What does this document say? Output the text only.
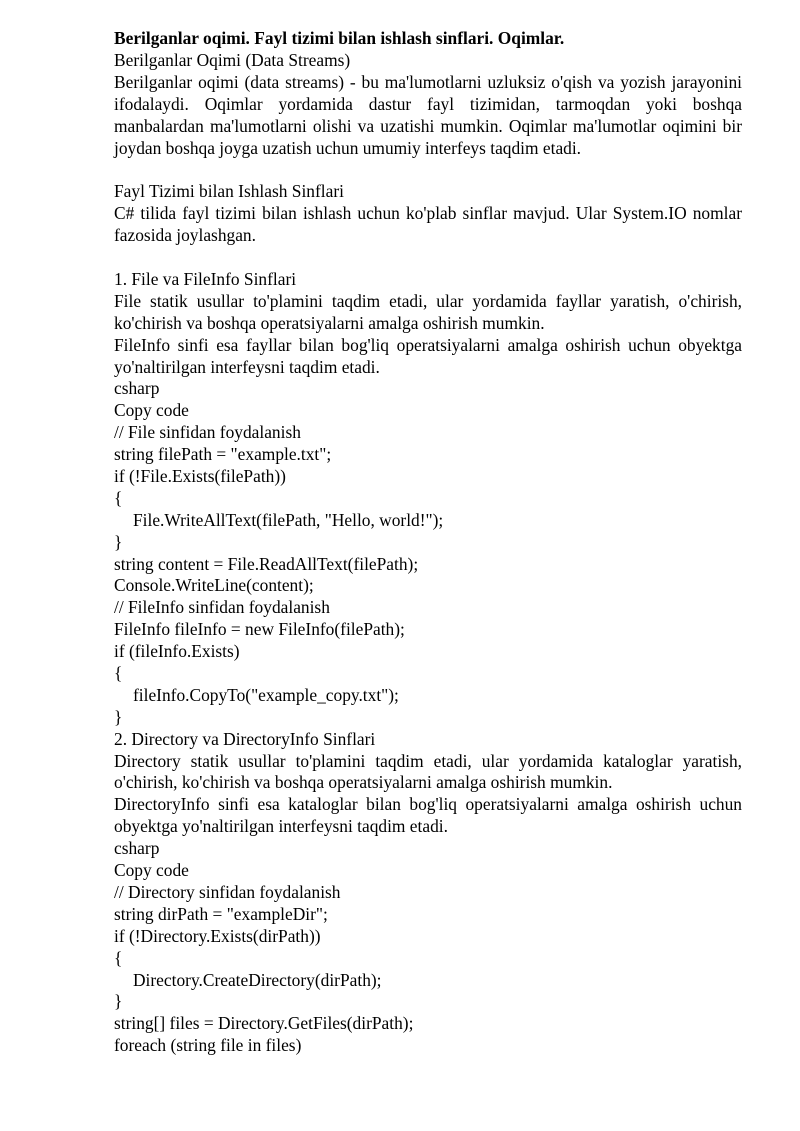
Berilganlar oqimi. Fayl tizimi bilan ishlash sinflari. Oqimlar.
Berilganlar Oqimi (Data Streams)
Berilganlar oqimi (data streams) - bu ma'lumotlarni uzluksiz o'qish va yozish jarayonini ifodalaydi. Oqimlar yordamida dastur fayl tizimidan, tarmoqdan yoki boshqa manbalardan ma'lumotlarni olishi va uzatishi mumkin. Oqimlar ma'lumotlar oqimini bir joydan boshqa joyga uzatish uchun umumiy interfeys taqdim etadi.
Fayl Tizimi bilan Ishlash Sinflari
C# tilida fayl tizimi bilan ishlash uchun ko'plab sinflar mavjud. Ular System.IO nomlar fazosida joylashgan.
1. File va FileInfo Sinflari
File statik usullar to'plamini taqdim etadi, ular yordamida fayllar yaratish, o'chirish, ko'chirish va boshqa operatsiyalarni amalga oshirish mumkin.
FileInfo sinfi esa fayllar bilan bog'liq operatsiyalarni amalga oshirish uchun obyektga yo'naltirilgan interfeysni taqdim etadi.
csharp
Copy code
// File sinfidan foydalanish
string filePath = "example.txt";
if (!File.Exists(filePath))
{
File.WriteAllText(filePath, "Hello, world!");
}
string content = File.ReadAllText(filePath);
Console.WriteLine(content);
// FileInfo sinfidan foydalanish
FileInfo fileInfo = new FileInfo(filePath);
if (fileInfo.Exists)
{
fileInfo.CopyTo("example_copy.txt");
}
2. Directory va DirectoryInfo Sinflari
Directory statik usullar to'plamini taqdim etadi, ular yordamida kataloglar yaratish, o'chirish, ko'chirish va boshqa operatsiyalarni amalga oshirish mumkin.
DirectoryInfo sinfi esa kataloglar bilan bog'liq operatsiyalarni amalga oshirish uchun obyektga yo'naltirilgan interfeysni taqdim etadi.
csharp
Copy code
// Directory sinfidan foydalanish
string dirPath = "exampleDir";
if (!Directory.Exists(dirPath))
{
Directory.CreateDirectory(dirPath);
}
string[] files = Directory.GetFiles(dirPath);
foreach (string file in files)
